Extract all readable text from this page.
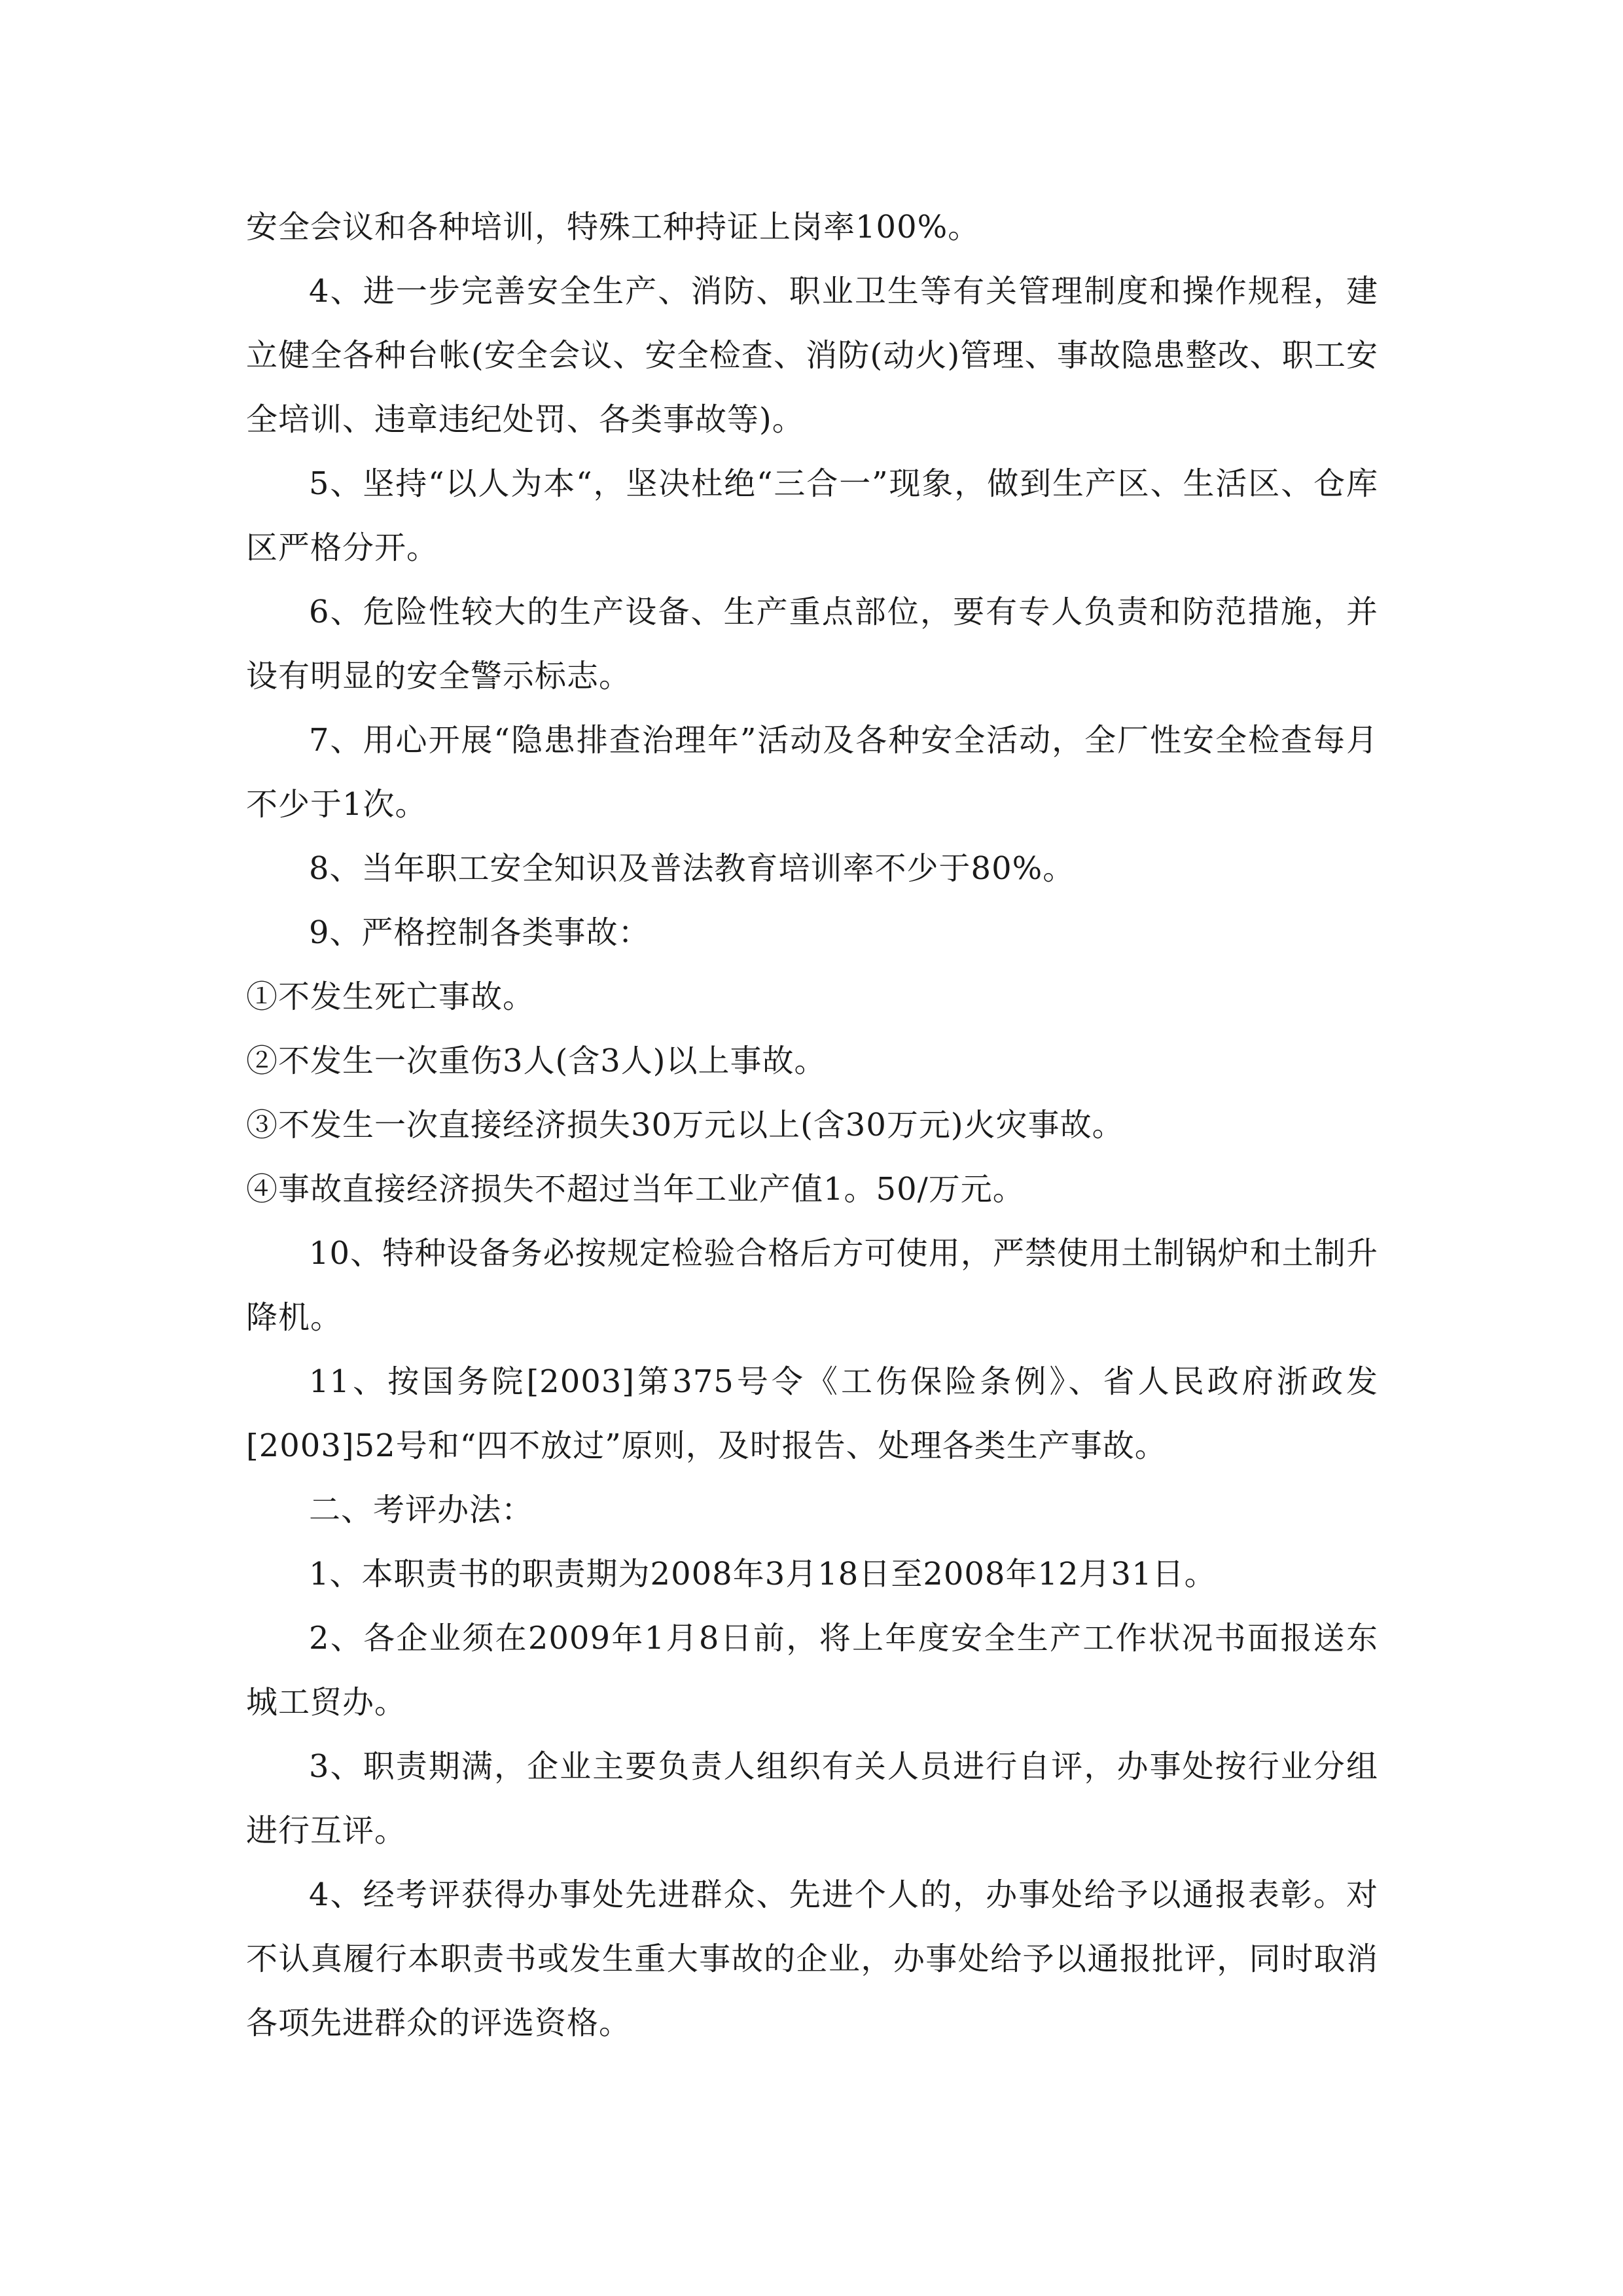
安全会议和各种培训，特殊工种持证上岗率100%。

4、进一步完善安全生产、消防、职业卫生等有关管理制度和操作规程，建立健全各种台帐(安全会议、安全检查、消防(动火)管理、事故隐患整改、职工安全培训、违章违纪处罚、各类事故等)。

5、坚持“以人为本“，坚决杜绝“三合一”现象，做到生产区、生活区、仓库区严格分开。

6、危险性较大的生产设备、生产重点部位，要有专人负责和防范措施，并设有明显的安全警示标志。

7、用心开展“隐患排查治理年”活动及各种安全活动，全厂性安全检查每月不少于1次。

8、当年职工安全知识及普法教育培训率不少于80%。

9、严格控制各类事故：

①不发生死亡事故。

②不发生一次重伤3人(含3人)以上事故。

③不发生一次直接经济损失30万元以上(含30万元)火灾事故。

④事故直接经济损失不超过当年工业产值1。50/万元。

10、特种设备务必按规定检验合格后方可使用，严禁使用土制锅炉和土制升降机。

11、按国务院[2003]第375号令《工伤保险条例》、省人民政府浙政发[2003]52号和“四不放过”原则，及时报告、处理各类生产事故。

二、考评办法：

1、本职责书的职责期为2008年3月18日至2008年12月31日。

2、各企业须在2009年1月8日前，将上年度安全生产工作状况书面报送东城工贸办。

3、职责期满，企业主要负责人组织有关人员进行自评，办事处按行业分组进行互评。

4、经考评获得办事处先进群众、先进个人的，办事处给予以通报表彰。对不认真履行本职责书或发生重大事故的企业，办事处给予以通报批评，同时取消各项先进群众的评选资格。
